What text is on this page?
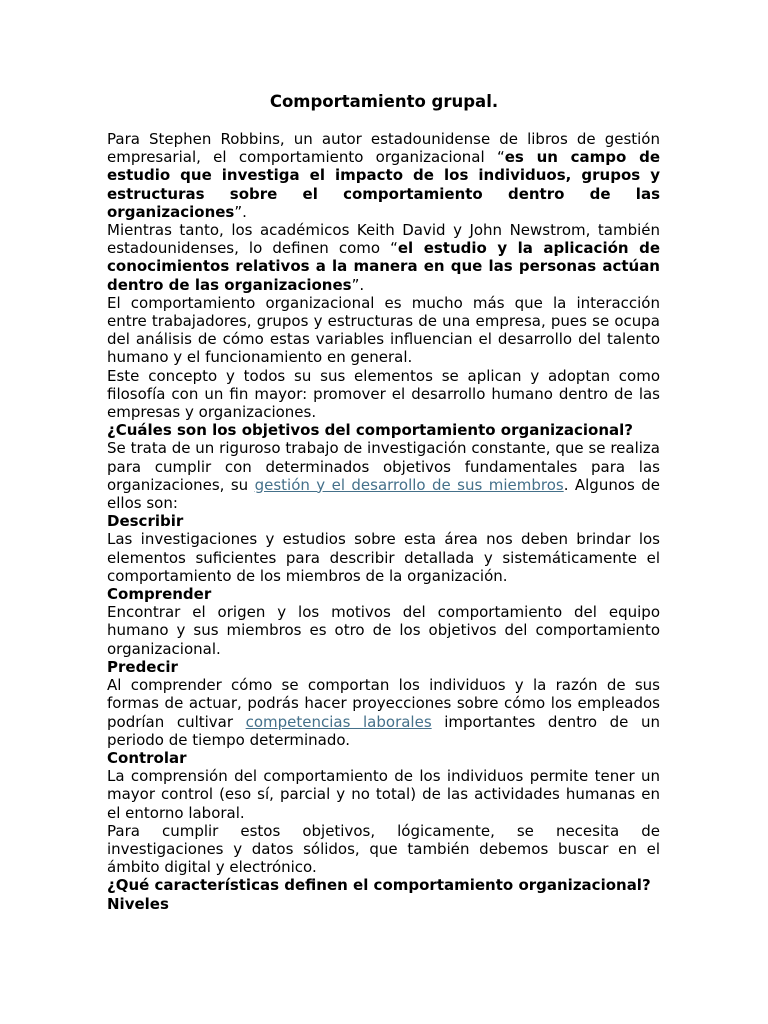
Comportamiento grupal.

Para Stephen Robbins, un autor estadounidense de libros de gestión empresarial, el comportamiento organizacional “es un campo de estudio que investiga el impacto de los individuos, grupos y estructuras sobre el comportamiento dentro de las organizaciones”.

Mientras tanto, los académicos Keith David y John Newstrom, también estadounidenses, lo definen como “el estudio y la aplicación de conocimientos relativos a la manera en que las personas actúan dentro de las organizaciones”.

El comportamiento organizacional es mucho más que la interacción entre trabajadores, grupos y estructuras de una empresa, pues se ocupa del análisis de cómo estas variables influencian el desarrollo del talento humano y el funcionamiento en general.

Este concepto y todos su sus elementos se aplican y adoptan como filosofía con un fin mayor: promover el desarrollo humano dentro de las empresas y organizaciones.

¿Cuáles son los objetivos del comportamiento organizacional?

Se trata de un riguroso trabajo de investigación constante, que se realiza para cumplir con determinados objetivos fundamentales para las organizaciones, su gestión y el desarrollo de sus miembros. Algunos de ellos son:

Describir

Las investigaciones y estudios sobre esta área nos deben brindar los elementos suficientes para describir detallada y sistemáticamente el comportamiento de los miembros de la organización.

Comprender

Encontrar el origen y los motivos del comportamiento del equipo humano y sus miembros es otro de los objetivos del comportamiento organizacional.

Predecir

Al comprender cómo se comportan los individuos y la razón de sus formas de actuar, podrás hacer proyecciones sobre cómo los empleados podrían cultivar competencias laborales importantes dentro de un periodo de tiempo determinado.

Controlar

La comprensión del comportamiento de los individuos permite tener un mayor control (eso sí, parcial y no total) de las actividades humanas en el entorno laboral.

Para cumplir estos objetivos, lógicamente, se necesita de investigaciones y datos sólidos, que también debemos buscar en el ámbito digital y electrónico.

¿Qué características definen el comportamiento organizacional?
Niveles
